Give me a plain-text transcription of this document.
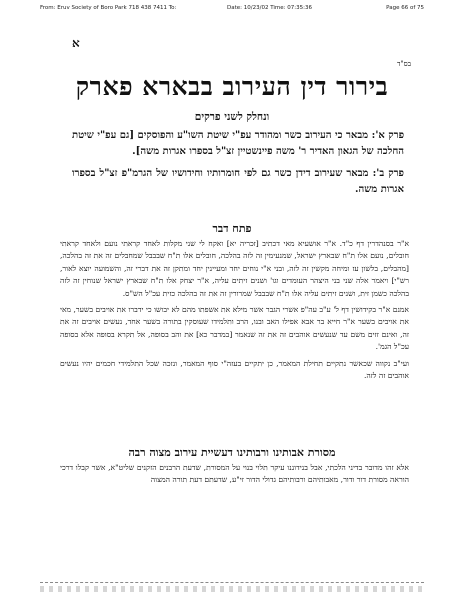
From: Eruv Society of Boro Park 718 438 7411 To:	Date: 10/23/02 Time: 07:35:36	Page 66 of 75
א
בס"ד
בירור דין העירוב בבארא פארק
ונחלק לשני פרקים

פרק א': מבאר כי העירוב כשר ומהודר עפ"י שיטת השו"ע והפוסקים [גם עפ"י שיטת החלכה של הגאון האדיר ר' משה פיינשטיין זצ"ל בספרו אגרות משה].

פרק ב': מבאר שעירוב דידן כשר גם לפי חומרותיו וחידושיו של הגרמ"פ זצ"ל בספרו אגרות משה.

פתח דבר

א"ר בסנהדרין דף כ"ד. א"ר אושעיא מאי דכתיב [זכריה יא] ואקח לי שני מקלות לאחד קראתי נועם ולאחד קראתי חובלים, נועם אלו ת"ח שבארץ ישראל, שמנעימין זה לזה בהלכה, חובלים אלו ת"ח שבבבל שמחבלים זה את זה בהלכה, [מהבלים, בלשון עז ומיחה מקשין זה לזה, ובני א"י נוחים יחד ומעיינין יחד ומתקן זה את דברי זה, והשמועה יוצא לאור, רש"י] ויאמר אלה שני בני היצהר העומדים וגו' ושנים זיתים עליה, א"ר יצחק אלו ת"ח שבארץ ישראל שנוחין זה לזה בהלכה כשמן זית, ושנים זיתים עליה אלו ת"ח שבבבל שמרורין זה את זה בהלכה כזית עכ"ל הש"ס.

אמנם א"ר בקידושין דף ל' ע"ב עה"פ אשרי הגבר אשר מילא את אשפתו מהם לא יבושו כי ידברו את אויבים בשער, מאי את אויבים בשער א"ר חייא בר אבא אפילו האב ובנו, הרב ותלמידו שעוסקין בתורה בשער אחד, נעשים אויבים זה את זה, ואינם זזים משם עד שנעשים אוהבים זה את זה שנאמר [במדבר כא] את והב בסופה, אל תקרא בסופה אלא בסופה עכ"ל הגמ'.

ועי"ב נקווה שכאשר נתקיים תחילת המאמר, כן יתקיים בעזה"י סוף המאמר, ונזכה שכל התלמידי חכמים יהיו נעשים אוהבים זה לזה.

מסורת אבותינו ורבותינו דעשיית עירוב מצוה רבה

אלא זהו מדובר בדיני הלכתי, אבל בנידוננו עיקר תלוי בנוי על המסורת, שדעת הרבנים הזקנים שליט"א, אשר קבלו דרכי הוראה מסורת דור ודור, מאבותיהם ורבותיהם גדולי הדור זי"ע, שדעתם דעת תורה המצוה
